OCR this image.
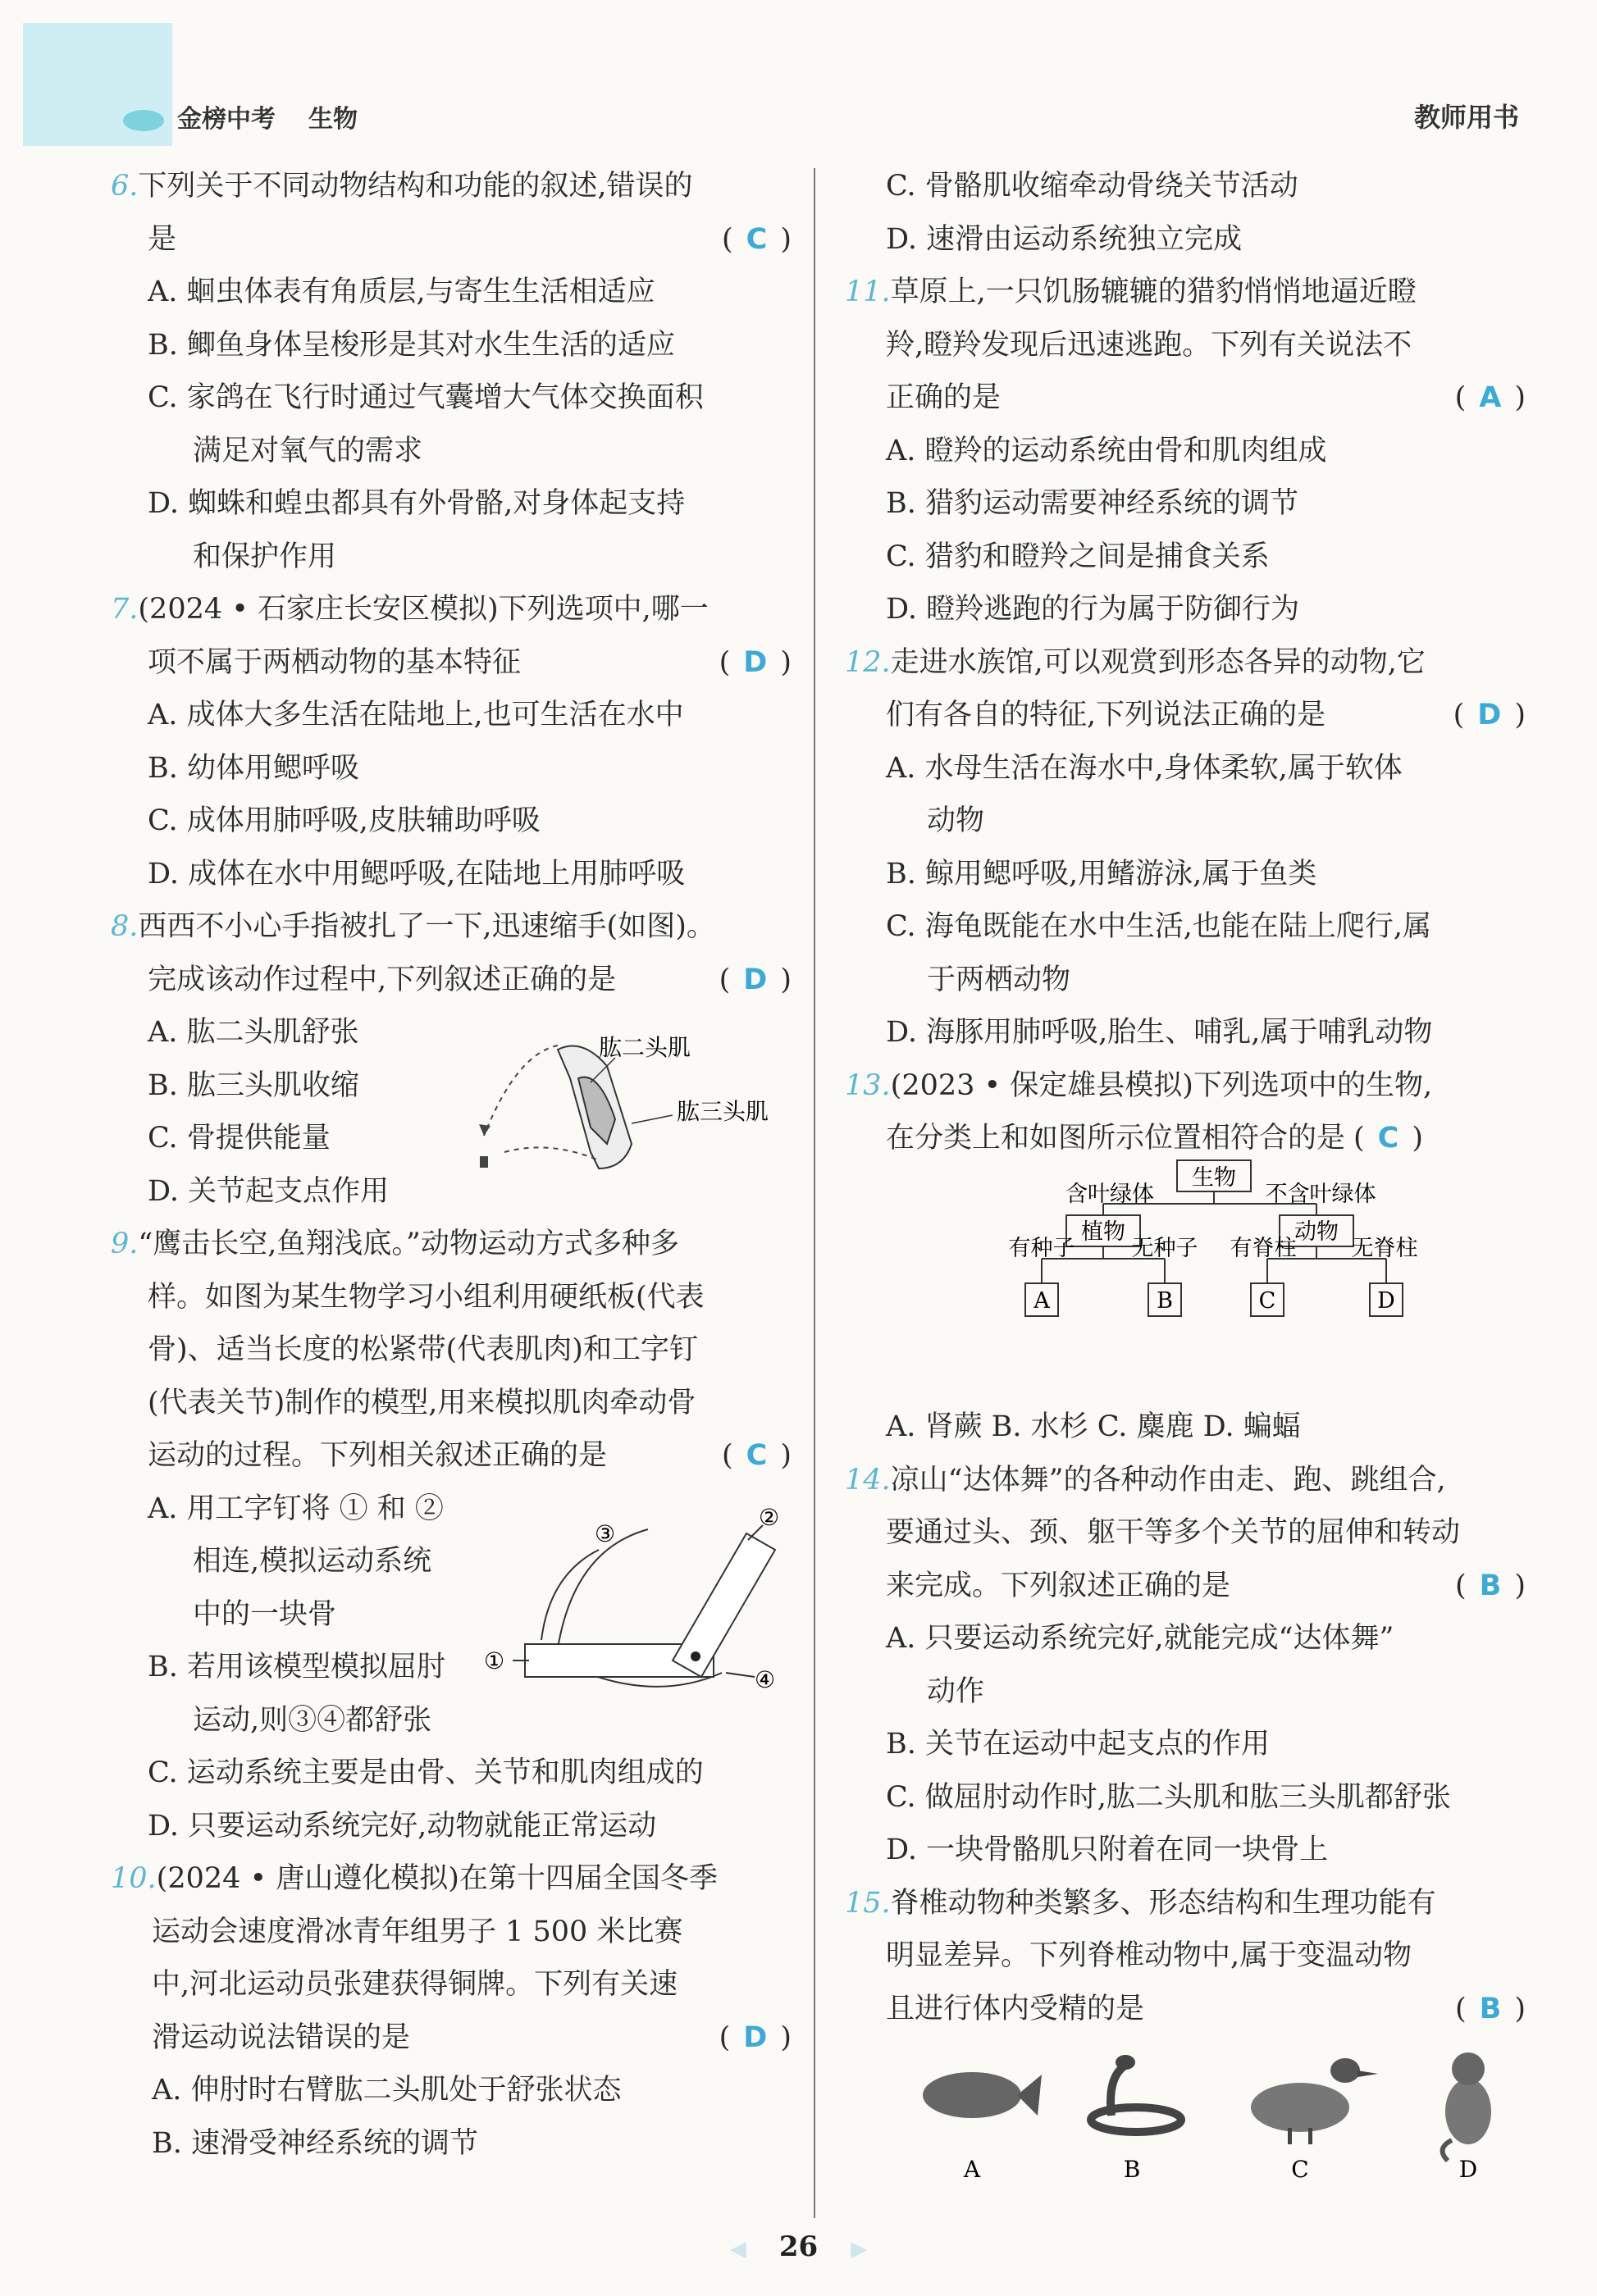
金榜中考 生物	教师用书
6.下列关于不同动物结构和功能的叙述,错误的
是	( C )
A. 蛔虫体表有角质层,与寄生生活相适应
B. 鲫鱼身体呈梭形是其对水生生活的适应
C. 家鸽在飞行时通过气囊增大气体交换面积
满足对氧气的需求
D. 蜘蛛和蝗虫都具有外骨骼,对身体起支持
和保护作用
7.(2024 • 石家庄长安区模拟)下列选项中,哪一
项不属于两栖动物的基本特征	( D )
A. 成体大多生活在陆地上,也可生活在水中
B. 幼体用鳃呼吸
C. 成体用肺呼吸,皮肤辅助呼吸
D. 成体在水中用鳃呼吸,在陆地上用肺呼吸
8.西西不小心手指被扎了一下,迅速缩手(如图)。
完成该动作过程中,下列叙述正确的是	( D )
A. 肱二头肌舒张
B. 肱三头肌收缩
C. 骨提供能量
D. 关节起支点作用
9.“鹰击长空,鱼翔浅底。”动物运动方式多种多
样。如图为某生物学习小组利用硬纸板(代表
骨)、适当长度的松紧带(代表肌肉)和工字钉
(代表关节)制作的模型,用来模拟肌肉牵动骨
运动的过程。下列相关叙述正确的是	( C )
A. 用工字钉将 ① 和 ②
相连,模拟运动系统
中的一块骨
B. 若用该模型模拟屈肘
运动,则③④都舒张
C. 运动系统主要是由骨、关节和肌肉组成的
D. 只要运动系统完好,动物就能正常运动
10.(2024 • 唐山遵化模拟)在第十四届全国冬季
运动会速度滑冰青年组男子 1 500 米比赛
中,河北运动员张建获得铜牌。下列有关速
滑运动说法错误的是	( D )
A. 伸肘时右臂肱二头肌处于舒张状态
B. 速滑受神经系统的调节
C. 骨骼肌收缩牵动骨绕关节活动
D. 速滑由运动系统独立完成
11.草原上,一只饥肠辘辘的猎豹悄悄地逼近瞪
羚,瞪羚发现后迅速逃跑。下列有关说法不
正确的是	( A )
A. 瞪羚的运动系统由骨和肌肉组成
B. 猎豹运动需要神经系统的调节
C. 猎豹和瞪羚之间是捕食关系
D. 瞪羚逃跑的行为属于防御行为
12.走进水族馆,可以观赏到形态各异的动物,它
们有各自的特征,下列说法正确的是	( D )
A. 水母生活在海水中,身体柔软,属于软体
动物
B. 鲸用鳃呼吸,用鳍游泳,属于鱼类
C. 海龟既能在水中生活,也能在陆上爬行,属
于两栖动物
D. 海豚用肺呼吸,胎生、哺乳,属于哺乳动物
13.(2023 • 保定雄县模拟)下列选项中的生物,
在分类上和如图所示位置相符合的是 ( C )
A. 肾蕨 B. 水杉 C. 麋鹿 D. 蝙蝠
14.凉山“达体舞”的各种动作由走、跑、跳组合,
要通过头、颈、躯干等多个关节的屈伸和转动
来完成。下列叙述正确的是	( B )
A. 只要运动系统完好,就能完成“达体舞”
动作
B. 关节在运动中起支点的作用
C. 做屈肘动作时,肱二头肌和肱三头肌都舒张
D. 一块骨骼肌只附着在同一块骨上
15.脊椎动物种类繁多、形态结构和生理功能有
明显差异。下列脊椎动物中,属于变温动物
且进行体内受精的是	( B )
肱二头肌
肱三头肌
①
②
③
④
生物
含叶绿体	不含叶绿体
植物	动物
有种子	无种子 有脊柱 无脊柱
A	B	C	D
A	B	C	D
◀ 26 ▶
